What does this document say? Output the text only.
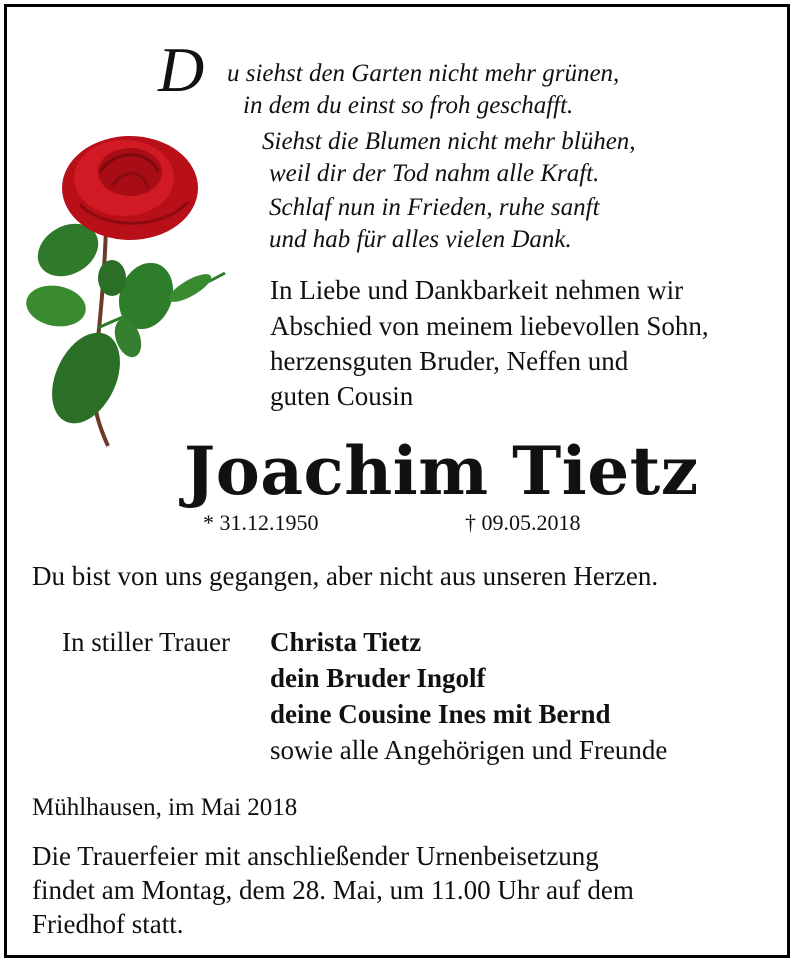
D u siehst den Garten nicht mehr grünen,
in dem du einst so froh geschafft.
Siehst die Blumen nicht mehr blühen,
weil dir der Tod nahm alle Kraft.
Schlaf nun in Frieden, ruhe sanft
und hab für alles vielen Dank.
In Liebe und Dankbarkeit nehmen wir
Abschied von meinem liebevollen Sohn,
herzensguten Bruder, Neffen und
guten Cousin
Joachim Tietz
* 31.12.1950	† 09.05.2018
Du bist von uns gegangen, aber nicht aus unseren Herzen.
In stiller Trauer Christa Tietz
dein Bruder Ingolf
deine Cousine Ines mit Bernd
sowie alle Angehörigen und Freunde
Mühlhausen, im Mai 2018
Die Trauerfeier mit anschließender Urnenbeisetzung
findet am Montag, dem 28. Mai, um 11.00 Uhr auf dem
Friedhof statt.
